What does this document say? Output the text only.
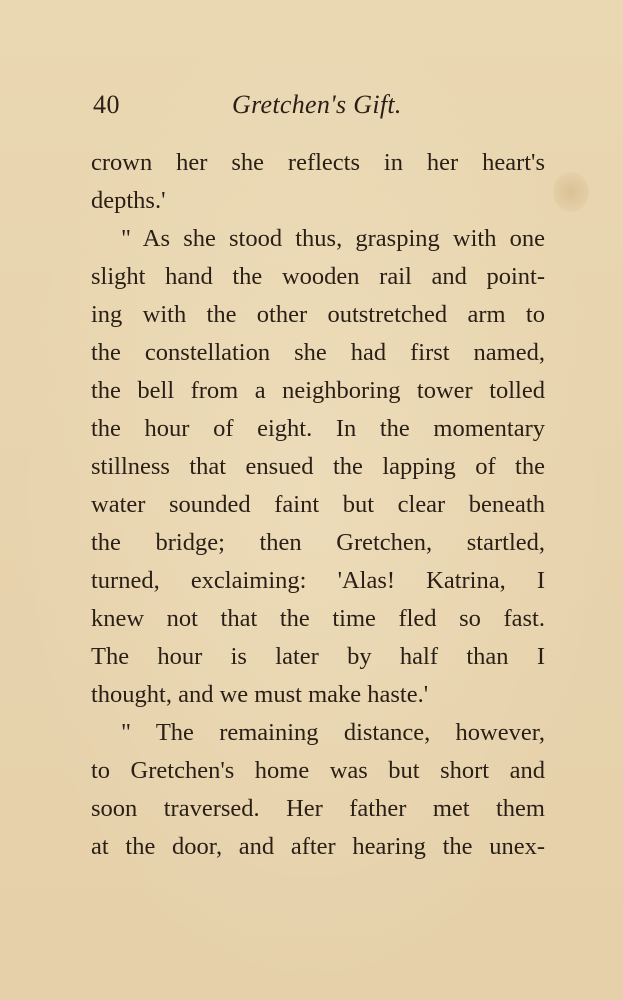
40	Gretchen's Gift.
crown her she reflects in her heart's
depths.'
" As she stood thus, grasping with one
slight hand the wooden rail and point-
ing with the other outstretched arm to
the constellation she had first named,
the bell from a neighboring tower tolled
the hour of eight. In the momentary
stillness that ensued the lapping of the
water sounded faint but clear beneath
the bridge; then Gretchen, startled,
turned, exclaiming: 'Alas! Katrina, I
knew not that the time fled so fast.
The hour is later by half than I
thought, and we must make haste.'
" The remaining distance, however,
to Gretchen's home was but short and
soon traversed. Her father met them
at the door, and after hearing the unex-
